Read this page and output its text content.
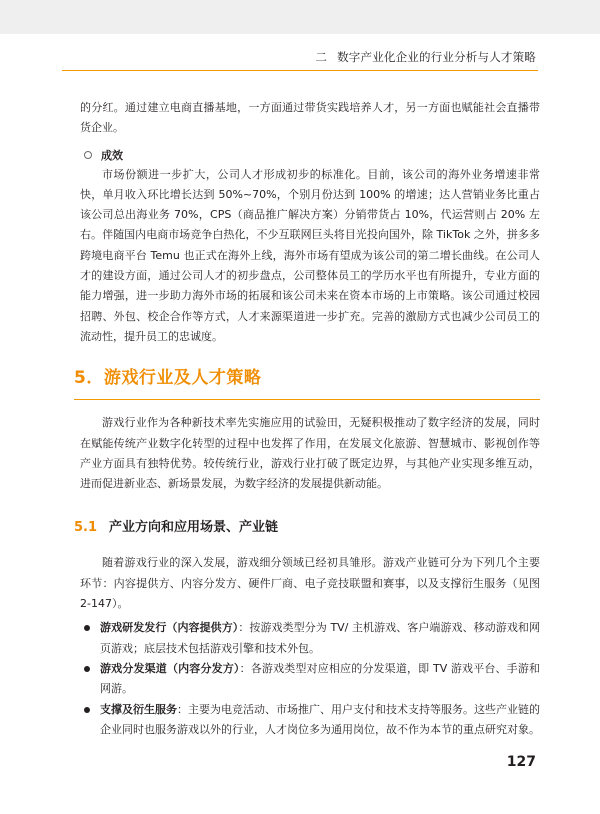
二 数字产业化企业的行业分析与人才策略

的分红。通过建立电商直播基地，一方面通过带货实践培养人才，另一方面也赋能社会直播带货企业。

成效

市场份额进一步扩大，公司人才形成初步的标准化。目前，该公司的海外业务增速非常快，单月收入环比增长达到 50%~70%，个别月份达到 100% 的增速；达人营销业务比重占该公司总出海业务 70%，CPS（商品推广解决方案）分销带货占 10%，代运营则占 20% 左右。伴随国内电商市场竞争白热化，不少互联网巨头将目光投向国外，除 TikTok 之外，拼多多跨境电商平台 Temu 也正式在海外上线，海外市场有望成为该公司的第二增长曲线。在公司人才的建设方面，通过公司人才的初步盘点，公司整体员工的学历水平也有所提升，专业方面的能力增强，进一步助力海外市场的拓展和该公司未来在资本市场的上市策略。该公司通过校园招聘、外包、校企合作等方式，人才来源渠道进一步扩充。完善的激励方式也减少公司员工的流动性，提升员工的忠诚度。

5．游戏行业及人才策略

游戏行业作为各种新技术率先实施应用的试验田，无疑积极推动了数字经济的发展，同时在赋能传统产业数字化转型的过程中也发挥了作用，在发展文化旅游、智慧城市、影视创作等产业方面具有独特优势。较传统行业，游戏行业打破了既定边界，与其他产业实现多维互动，进而促进新业态、新场景发展，为数字经济的发展提供新动能。

5.1 产业方向和应用场景、产业链

随着游戏行业的深入发展，游戏细分领域已经初具雏形。游戏产业链可分为下列几个主要环节：内容提供方、内容分发方、硬件厂商、电子竞技联盟和赛事，以及支撑衍生服务（见图 2-147）。

游戏研发发行（内容提供方）：按游戏类型分为 TV/ 主机游戏、客户端游戏、移动游戏和网页游戏；底层技术包括游戏引擎和技术外包。
游戏分发渠道（内容分发方）：各游戏类型对应相应的分发渠道，即 TV 游戏平台、手游和网游。
支撑及衍生服务：主要为电竞活动、市场推广、用户支付和技术支持等服务。这些产业链的企业同时也服务游戏以外的行业，人才岗位多为通用岗位，故不作为本节的重点研究对象。
127
